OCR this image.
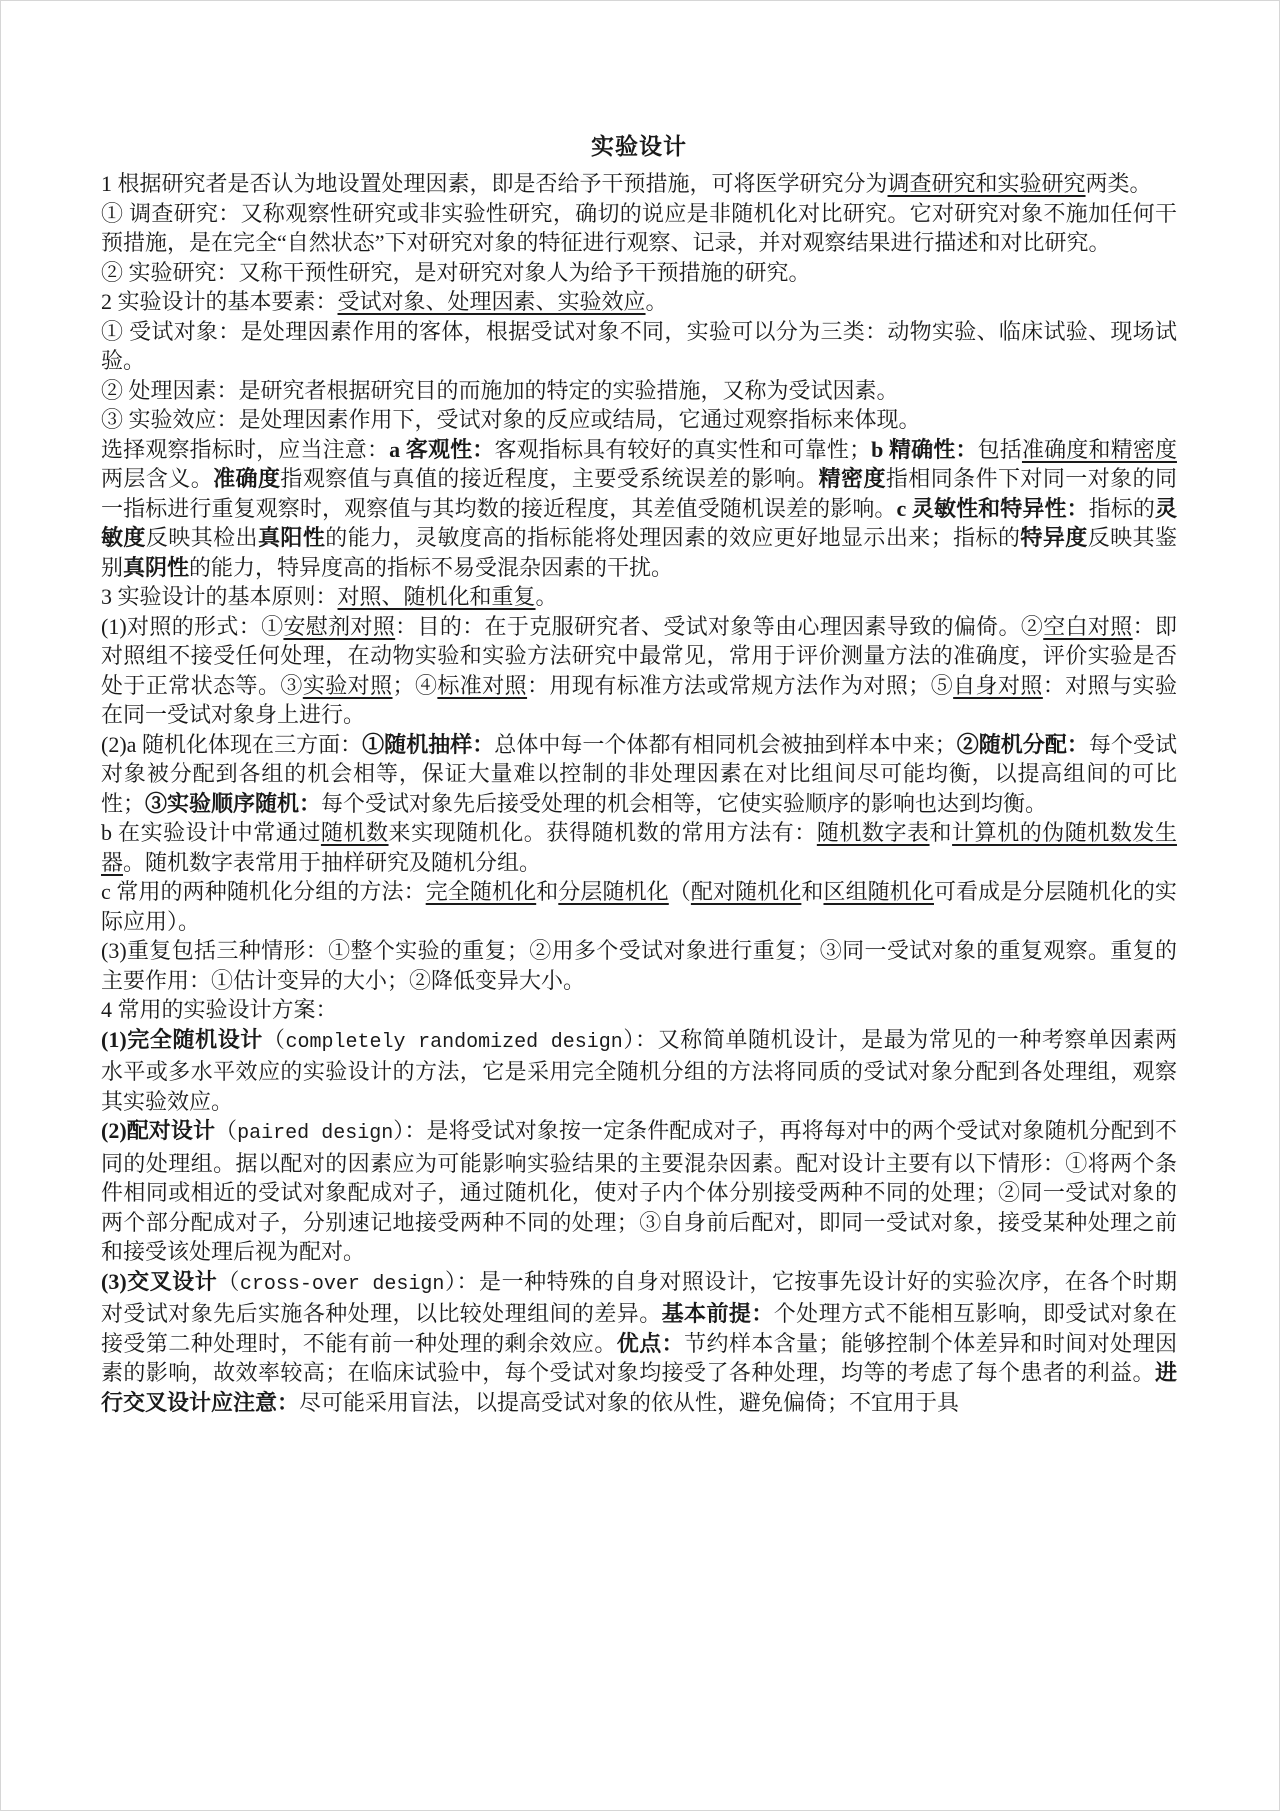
实验设计

1 根据研究者是否认为地设置处理因素，即是否给予干预措施，可将医学研究分为调查研究和实验研究两类。

① 调查研究：又称观察性研究或非实验性研究，确切的说应是非随机化对比研究。它对研究对象不施加任何干预措施，是在完全“自然状态”下对研究对象的特征进行观察、记录，并对观察结果进行描述和对比研究。

② 实验研究：又称干预性研究，是对研究对象人为给予干预措施的研究。

2 实验设计的基本要素：受试对象、处理因素、实验效应。

① 受试对象：是处理因素作用的客体，根据受试对象不同，实验可以分为三类：动物实验、临床试验、现场试验。

② 处理因素：是研究者根据研究目的而施加的特定的实验措施，又称为受试因素。

③ 实验效应：是处理因素作用下，受试对象的反应或结局，它通过观察指标来体现。

选择观察指标时，应当注意：a 客观性：客观指标具有较好的真实性和可靠性；b 精确性：包括准确度和精密度两层含义。准确度指观察值与真值的接近程度，主要受系统误差的影响。精密度指相同条件下对同一对象的同一指标进行重复观察时，观察值与其均数的接近程度，其差值受随机误差的影响。c 灵敏性和特异性：指标的灵敏度反映其检出真阳性的能力，灵敏度高的指标能将处理因素的效应更好地显示出来；指标的特异度反映其鉴别真阴性的能力，特异度高的指标不易受混杂因素的干扰。

3 实验设计的基本原则：对照、随机化和重复。

(1)对照的形式：①安慰剂对照：目的：在于克服研究者、受试对象等由心理因素导致的偏倚。②空白对照：即对照组不接受任何处理，在动物实验和实验方法研究中最常见，常用于评价测量方法的准确度，评价实验是否处于正常状态等。③实验对照；④标准对照：用现有标准方法或常规方法作为对照；⑤自身对照：对照与实验在同一受试对象身上进行。

(2)a 随机化体现在三方面：①随机抽样：总体中每一个体都有相同机会被抽到样本中来；②随机分配：每个受试对象被分配到各组的机会相等，保证大量难以控制的非处理因素在对比组间尽可能均衡，以提高组间的可比性；③实验顺序随机：每个受试对象先后接受处理的机会相等，它使实验顺序的影响也达到均衡。

b 在实验设计中常通过随机数来实现随机化。获得随机数的常用方法有：随机数字表和计算机的伪随机数发生器。随机数字表常用于抽样研究及随机分组。

c 常用的两种随机化分组的方法：完全随机化和分层随机化（配对随机化和区组随机化可看成是分层随机化的实际应用）。

(3)重复包括三种情形：①整个实验的重复；②用多个受试对象进行重复；③同一受试对象的重复观察。重复的主要作用：①估计变异的大小；②降低变异大小。

4 常用的实验设计方案：

(1)完全随机设计（completely randomized design）：又称简单随机设计，是最为常见的一种考察单因素两水平或多水平效应的实验设计的方法，它是采用完全随机分组的方法将同质的受试对象分配到各处理组，观察其实验效应。

(2)配对设计（paired design）：是将受试对象按一定条件配成对子，再将每对中的两个受试对象随机分配到不同的处理组。据以配对的因素应为可能影响实验结果的主要混杂因素。配对设计主要有以下情形：①将两个条件相同或相近的受试对象配成对子，通过随机化，使对子内个体分别接受两种不同的处理；②同一受试对象的两个部分配成对子，分别速记地接受两种不同的处理；③自身前后配对，即同一受试对象，接受某种处理之前和接受该处理后视为配对。

(3)交叉设计（cross-over design）：是一种特殊的自身对照设计，它按事先设计好的实验次序，在各个时期对受试对象先后实施各种处理，以比较处理组间的差异。基本前提：个处理方式不能相互影响，即受试对象在接受第二种处理时，不能有前一种处理的剩余效应。优点：节约样本含量；能够控制个体差异和时间对处理因素的影响，故效率较高；在临床试验中，每个受试对象均接受了各种处理，均等的考虑了每个患者的利益。进行交叉设计应注意：尽可能采用盲法，以提高受试对象的依从性，避免偏倚；不宜用于具
